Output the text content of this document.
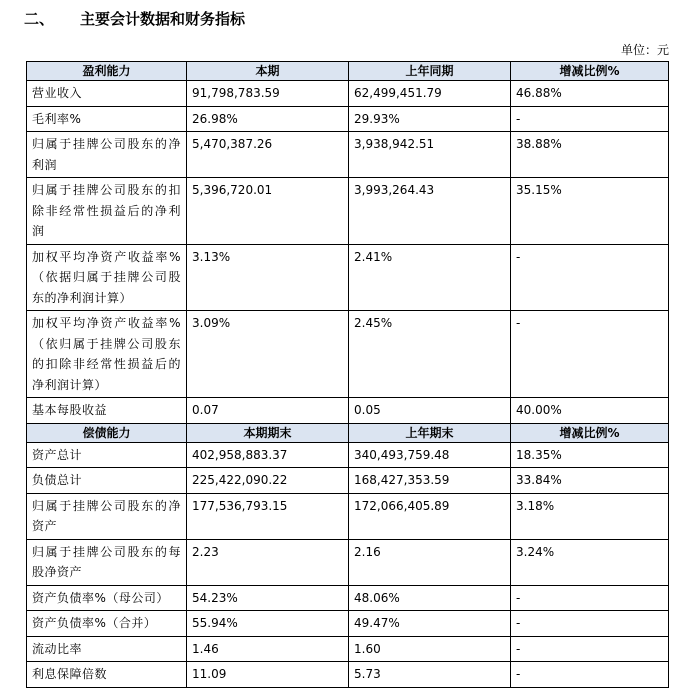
二、 主要会计数据和财务指标
单位：元
盈利能力	本期	上年同期	增减比例%
营业收入	91,798,783.59	62,499,451.79	46.88%
毛利率%	26.98%	29.93%	-
归属于挂牌公司股东的净利润	5,470,387.26	3,938,942.51	38.88%
归属于挂牌公司股东的扣除非经常性损益后的净利润	5,396,720.01	3,993,264.43	35.15%
加权平均净资产收益率%（依据归属于挂牌公司股东的净利润计算）	3.13%	2.41%	-
加权平均净资产收益率%（依归属于挂牌公司股东的扣除非经常性损益后的净利润计算）	3.09%	2.45%	-
基本每股收益	0.07	0.05	40.00%
偿债能力	本期期末	上年期末	增减比例%
资产总计	402,958,883.37	340,493,759.48	18.35%
负债总计	225,422,090.22	168,427,353.59	33.84%
归属于挂牌公司股东的净资产	177,536,793.15	172,066,405.89	3.18%
归属于挂牌公司股东的每股净资产	2.23	2.16	3.24%
资产负债率%（母公司）	54.23%	48.06%	-
资产负债率%（合并）	55.94%	49.47%	-
流动比率	1.46	1.60	-
利息保障倍数	11.09	5.73	-
